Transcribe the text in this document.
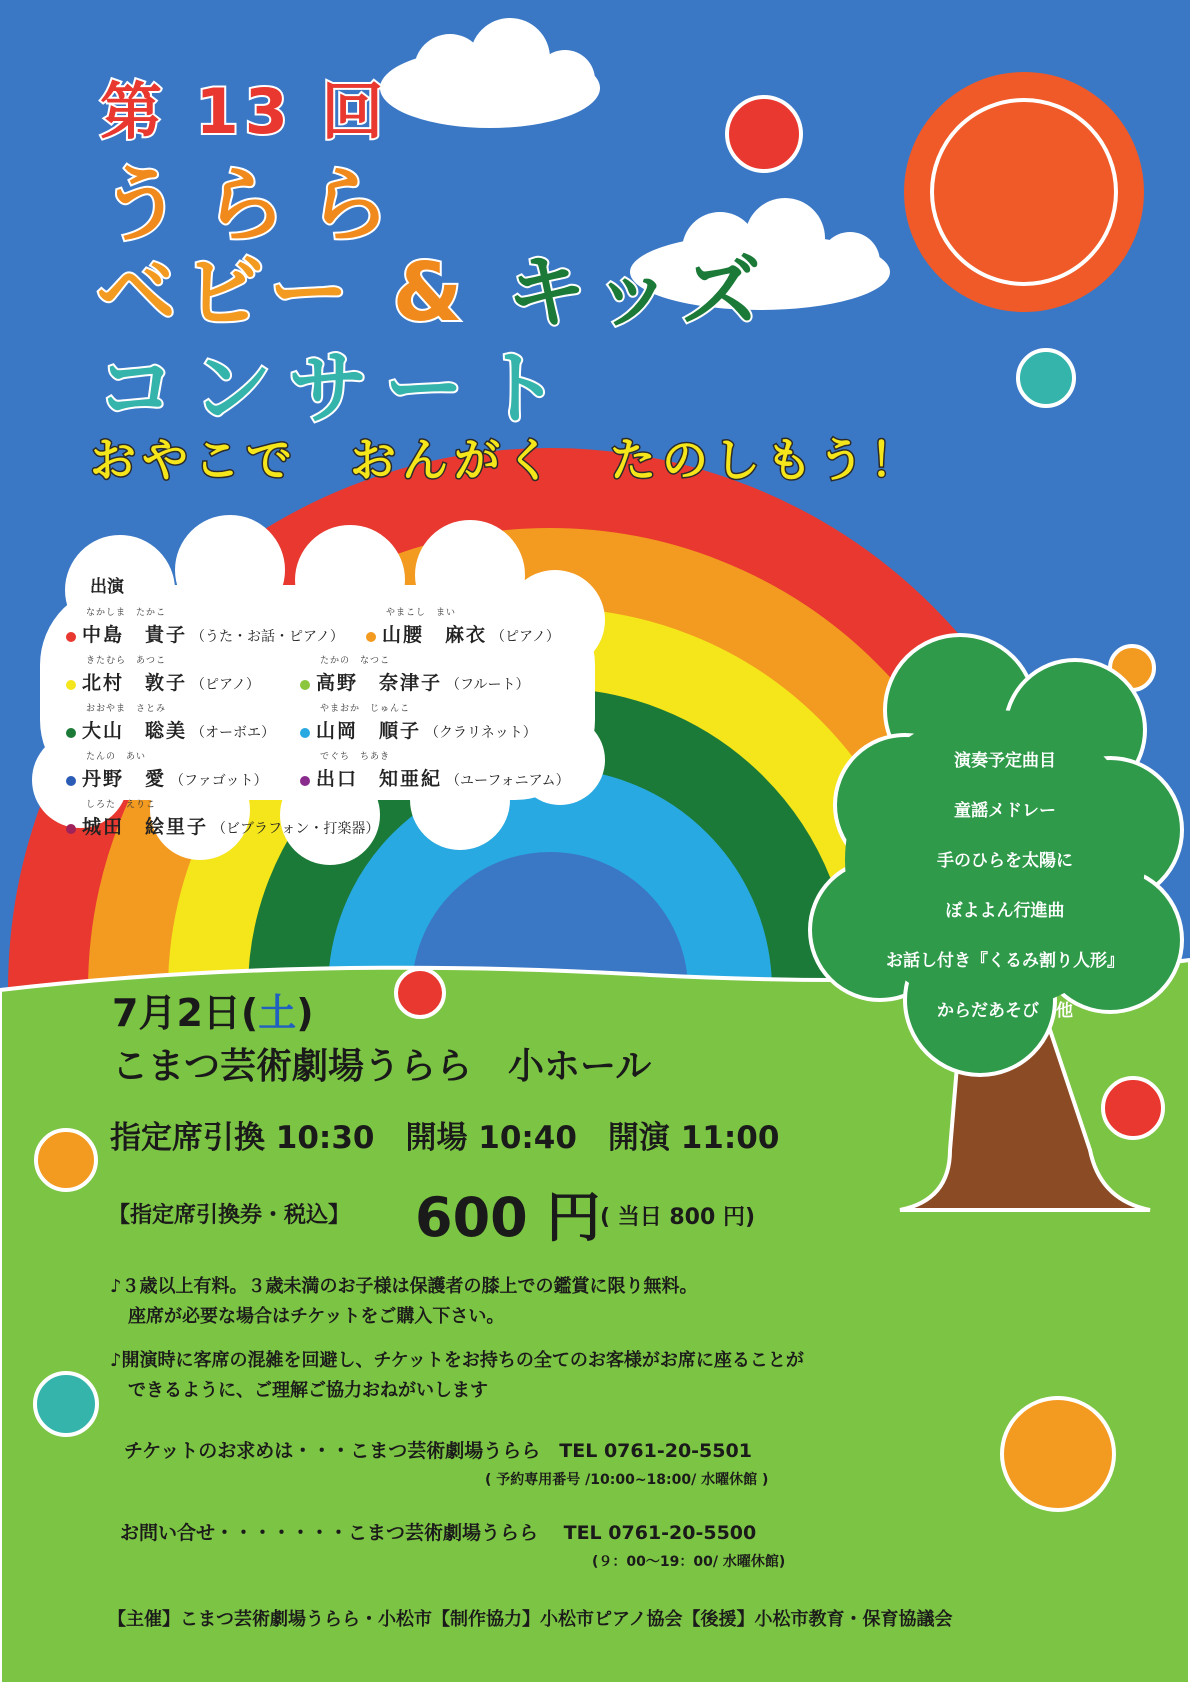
第 13 回
うらら
ベビー & キッズ
コンサート
おやこで　おんがく　たのしもう！
出演
なかしま　たかこ
中島　貴子 （うた・お話・ピアノ）
やまこし　まい
山腰　麻衣 （ピアノ）
きたむら　あつこ
北村　敦子 （ピアノ）
たかの　なつこ
高野　奈津子 （フルート）
おおやま　さとみ
大山　聡美 （オーボエ）
やまおか　じゅんこ
山岡　順子 （クラリネット）
たんの　あい
丹野　愛 （ファゴット）
でぐち　ちあき
出口　知亜紀 （ユーフォニアム）
しろた　えりこ
城田　絵里子 （ビブラフォン・打楽器）
演奏予定曲目
童謡メドレー
手のひらを太陽に
ぼよよん行進曲
お話し付き『くるみ割り人形』
からだあそび　他
7月2日(土)
こまつ芸術劇場うらら　小ホール
指定席引換 10:30　開場 10:40　開演 11:00
【指定席引換券・税込】 600 円 ( 当日 800 円)
♪３歳以上有料。３歳未満のお子様は保護者の膝上での鑑賞に限り無料。
　座席が必要な場合はチケットをご購入下さい。
♪開演時に客席の混雑を回避し、チケットをお持ちの全てのお客様がお席に座ることが
　できるように、ご理解ご協力おねがいします
チケットのお求めは・・・こまつ芸術劇場うらら　TEL 0761-20-5501
( 予約専用番号 /10:00~18:00/ 水曜休館 )
お問い合せ・・・・・・・こまつ芸術劇場うらら　 TEL 0761-20-5500
(９：00～19：00/ 水曜休館)
【主催】こまつ芸術劇場うらら・小松市【制作協力】小松市ピアノ協会【後援】小松市教育・保育協議会
